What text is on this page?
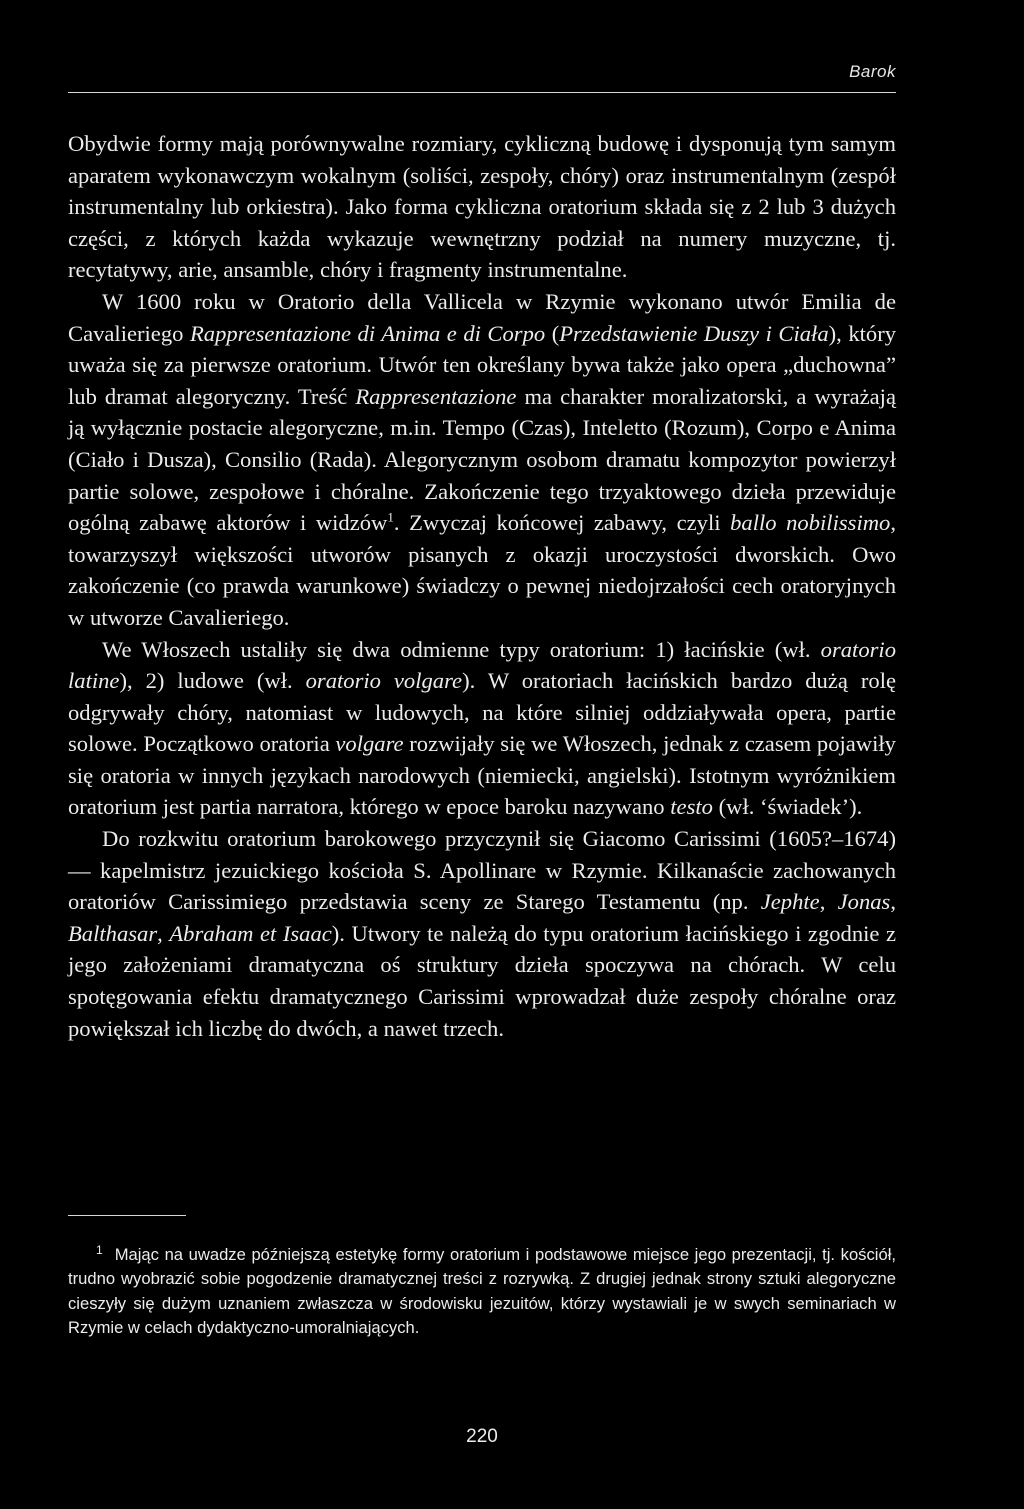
Barok

Obydwie formy mają porównywalne rozmiary, cykliczną budowę i dysponują tym samym aparatem wykonawczym wokalnym (soliści, zespoły, chóry) oraz instrumentalnym (zespół instrumentalny lub orkiestra). Jako forma cykliczna oratorium składa się z 2 lub 3 dużych części, z których każda wykazuje wewnętrzny podział na numery muzyczne, tj. recytatywy, arie, ansamble, chóry i fragmenty instrumentalne.

W 1600 roku w Oratorio della Vallicela w Rzymie wykonano utwór Emilia de Cavalieriego Rappresentazione di Anima e di Corpo (Przedstawienie Duszy i Ciała), który uważa się za pierwsze oratorium. Utwór ten określany bywa także jako opera „duchowna” lub dramat alegoryczny. Treść Rappresentazione ma charakter moralizatorski, a wyrażają ją wyłącznie postacie alegoryczne, m.in. Tempo (Czas), Inteletto (Rozum), Corpo e Anima (Ciało i Dusza), Consilio (Rada). Alegorycznym osobom dramatu kompozytor powierzył partie solowe, zespołowe i chóralne. Zakończenie tego trzyaktowego dzieła przewiduje ogólną zabawę aktorów i widzów$^1$. Zwyczaj końcowej zabawy, czyli ballo nobilissimo, towarzyszył większości utworów pisanych z okazji uroczystości dworskich. Owo zakończenie (co prawda warunkowe) świadczy o pewnej niedojrzałości cech oratoryjnych w utworze Cavalieriego.

We Włoszech ustaliły się dwa odmienne typy oratorium: 1) łacińskie (wł. oratorio latine), 2) ludowe (wł. oratorio volgare). W oratoriach łacińskich bardzo dużą rolę odgrywały chóry, natomiast w ludowych, na które silniej oddziaływała opera, partie solowe. Początkowo oratoria volgare rozwijały się we Włoszech, jednak z czasem pojawiły się oratoria w innych językach narodowych (niemiecki, angielski). Istotnym wyróżnikiem oratorium jest partia narratora, którego w epoce baroku nazywano testo (wł. ‘świadek’).

Do rozkwitu oratorium barokowego przyczynił się Giacomo Carissimi (1605?–1674) — kapelmistrz jezuickiego kościoła S. Apollinare w Rzymie. Kilkanaście zachowanych oratoriów Carissimiego przedstawia sceny ze Starego Testamentu (np. Jephte, Jonas, Balthasar, Abraham et Isaac). Utwory te należą do typu oratorium łacińskiego i zgodnie z jego założeniami dramatyczna oś struktury dzieła spoczywa na chórach. W celu spotęgowania efektu dramatycznego Carissimi wprowadzał duże zespoły chóralne oraz powiększał ich liczbę do dwóch, a nawet trzech.

$^1$ Mając na uwadze późniejszą estetykę formy oratorium i podstawowe miejsce jego prezentacji, tj. kościół, trudno wyobrazić sobie pogodzenie dramatycznej treści z rozrywką. Z drugiej jednak strony sztuki alegoryczne cieszyły się dużym uznaniem zwłaszcza w środowisku jezuitów, którzy wystawiali je w swych seminariach w Rzymie w celach dydaktyczno-umoralniających.

220
